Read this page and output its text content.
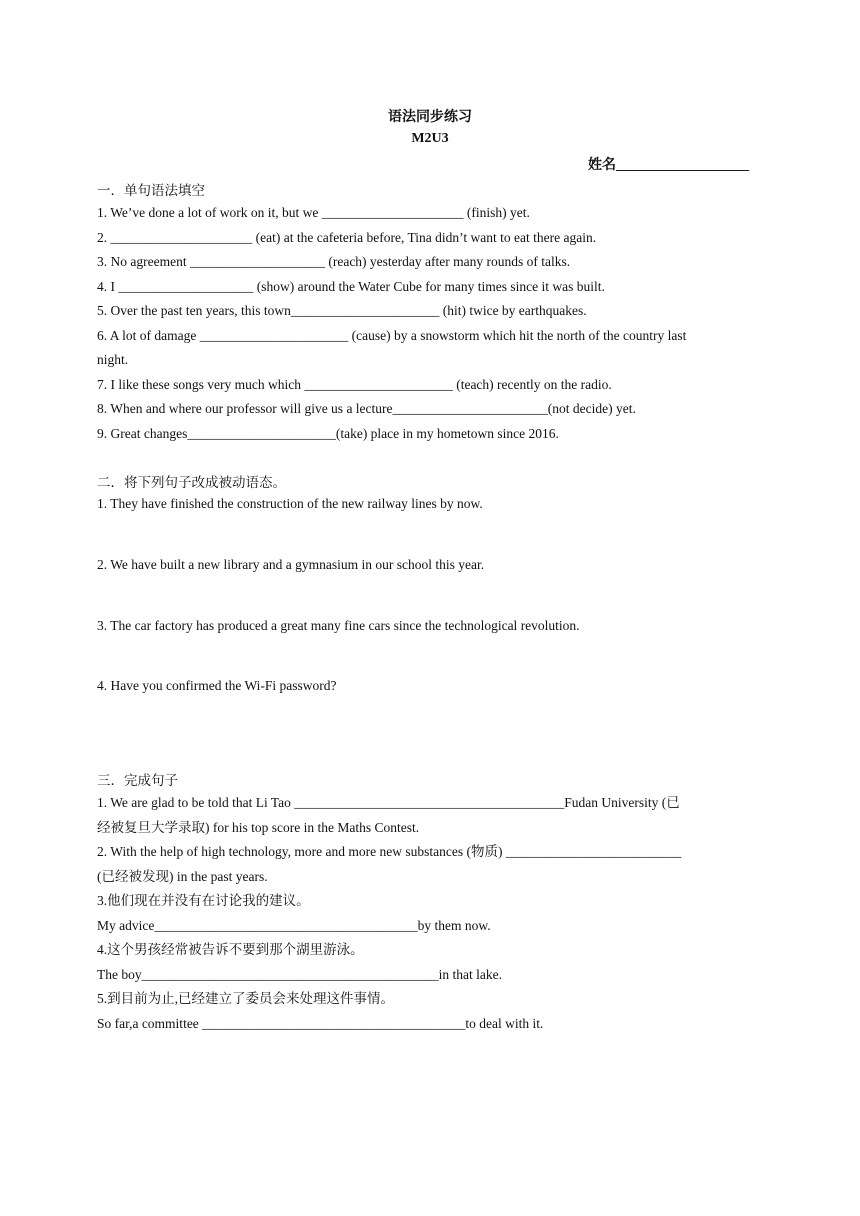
语法同步练习
M2U3
姓名___________________
一．单句语法填空
1. We’ve done a lot of work on it, but we _____________________ (finish) yet.
2. _____________________ (eat) at the cafeteria before, Tina didn’t want to eat there again.
3. No agreement ____________________ (reach) yesterday after many rounds of talks.
4. I ____________________ (show) around the Water Cube for many times since it was built.
5. Over the past ten years, this town______________________ (hit) twice by earthquakes.
6. A lot of damage ______________________ (cause) by a snowstorm which hit the north of the country last
night.
7. I like these songs very much which ______________________ (teach) recently on the radio.
8. When and where our professor will give us a lecture_______________________(not decide) yet.
9. Great changes______________________(take) place in my hometown since 2016.
二．将下列句子改成被动语态。
1. They have finished the construction of the new railway lines by now.
2. We have built a new library and a gymnasium in our school this year.
3. The car factory has produced a great many fine cars since the technological revolution.
4. Have you confirmed the Wi-Fi password?
三．完成句子
1. We are glad to be told that Li Tao ________________________________________Fudan University (已
经被复旦大学录取) for his top score in the Maths Contest.
2. With the help of high technology, more and more new substances (物质) __________________________
(已经被发现) in the past years.
3.他们现在并没有在讨论我的建议。
My advice_______________________________________by them now.
4.这个男孩经常被告诉不要到那个湖里游泳。
The boy____________________________________________in that lake.
5.到目前为止,已经建立了委员会来处理这件事情。
So far,a committee _______________________________________to deal with it.
